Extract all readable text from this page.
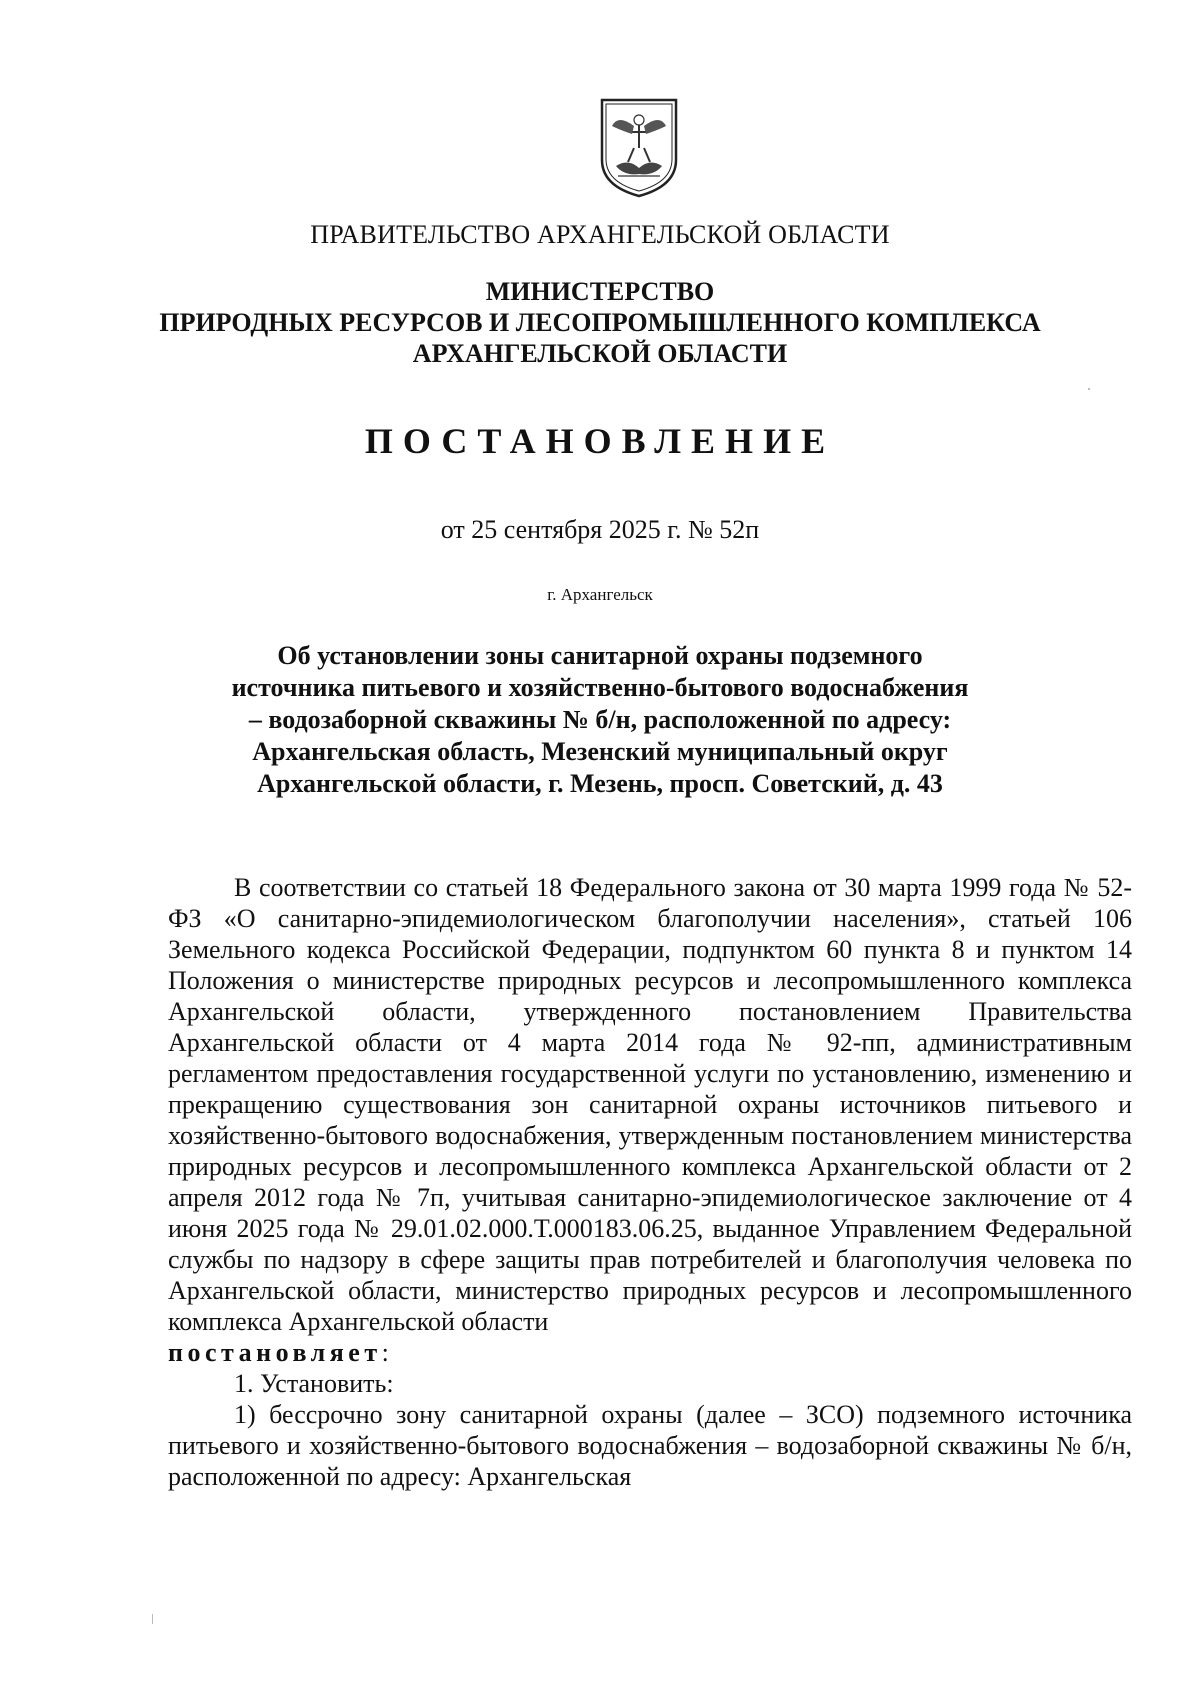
ПРАВИТЕЛЬСТВО АРХАНГЕЛЬСКОЙ ОБЛАСТИ
МИНИСТЕРСТВО
ПРИРОДНЫХ РЕСУРСОВ И ЛЕСОПРОМЫШЛЕННОГО КОМПЛЕКСА
АРХАНГЕЛЬСКОЙ ОБЛАСТИ
ПОСТАНОВЛЕНИЕ
от 25 сентября 2025 г. № 52п
г. Архангельск
Об установлении зоны санитарной охраны подземного
источника питьевого и хозяйственно-бытового водоснабжения
– водозаборной скважины № б/н, расположенной по адресу:
Архангельская область, Мезенский муниципальный округ
Архангельской области, г. Мезень, просп. Советский, д. 43

В соответствии со статьей 18 Федерального закона от 30 марта 1999 года № 52-ФЗ «О санитарно-эпидемиологическом благополучии населения», статьей 106 Земельного кодекса Российской Федерации, подпунктом 60 пункта 8 и пунктом 14 Положения о министерстве природных ресурсов и лесопромышленного комплекса Архангельской области, утвержденного постановлением Правительства Архангельской области от 4 марта 2014 года № 92-пп, административным регламентом предоставления государственной услуги по установлению, изменению и прекращению существования зон санитарной охраны источников питьевого и хозяйственно-бытового водоснабжения, утвержденным постановлением министерства природных ресурсов и лесопромышленного комплекса Архангельской области от 2 апреля 2012 года № 7п, учитывая санитарно-эпидемиологическое заключение от 4 июня 2025 года № 29.01.02.000.Т.000183.06.25, выданное Управлением Федеральной службы по надзору в сфере защиты прав потребителей и благополучия человека по Архангельской области, министерство природных ресурсов и лесопромышленного комплекса Архангельской области
постановляет:

1. Установить:

1) бессрочно зону санитарной охраны (далее – ЗСО) подземного источника питьевого и хозяйственно-бытового водоснабжения – водозаборной скважины № б/н, расположенной по адресу: Архангельская
